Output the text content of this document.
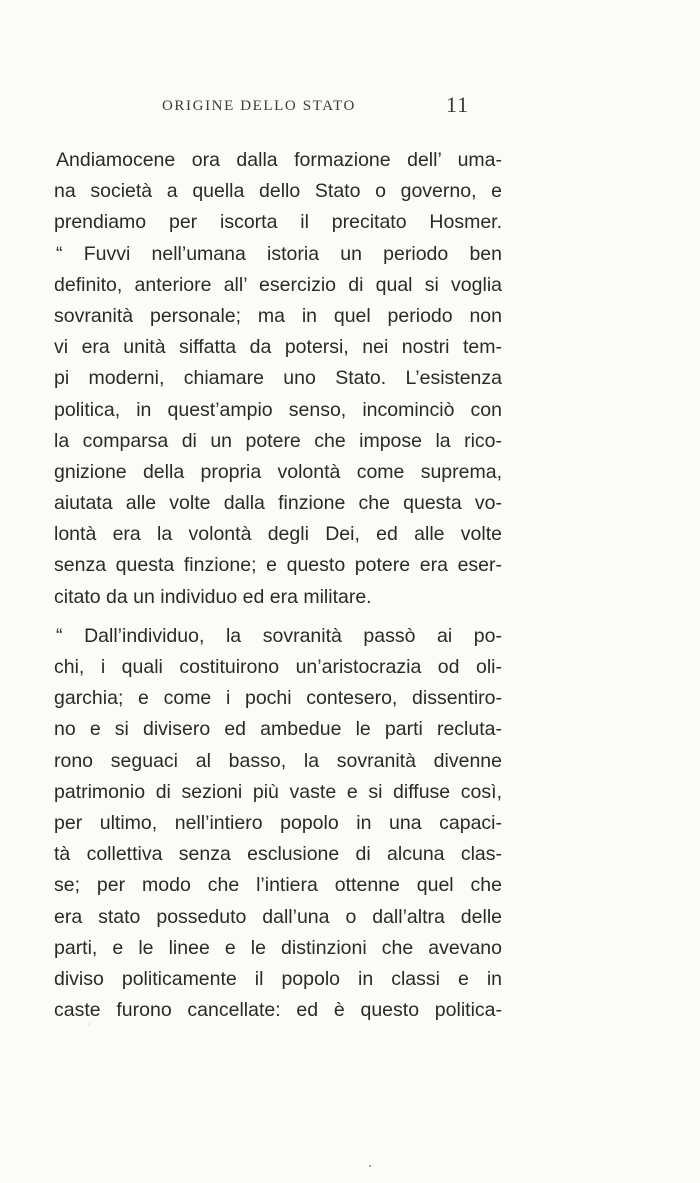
ORIGINE DELLO STATO	11
Andiamocene ora dalla formazione dell’ uma-
na società a quella dello Stato o governo, e
prendiamo per iscorta il precitato Hosmer.
“ Fuvvi nell’umana istoria un periodo ben
definito, anteriore all’ esercizio di qual si voglia
sovranità personale; ma in quel periodo non
vi era unità siffatta da potersi, nei nostri tem-
pi moderni, chiamare uno Stato. L’esistenza
politica, in quest’ampio senso, incominciò con
la comparsa di un potere che impose la rico-
gnizione della propria volontà come suprema,
aiutata alle volte dalla finzione che questa vo-
lontà era la volontà degli Dei, ed alle volte
senza questa finzione; e questo potere era eser-
citato da un individuo ed era militare.
“ Dall’individuo, la sovranità passò ai po-
chi, i quali costituirono un’aristocrazia od oli-
garchia; e come i pochi contesero, dissentiro-
no e si divisero ed ambedue le parti recluta-
rono seguaci al basso, la sovranità divenne
patrimonio di sezioni più vaste e si diffuse così,
per ultimo, nell’intiero popolo in una capaci-
tà collettiva senza esclusione di alcuna clas-
se; per modo che l’intiera ottenne quel che
era stato posseduto dall’una o dall’altra delle
parti, e le linee e le distinzioni che avevano
diviso politicamente il popolo in classi e in
caste furono cancellate: ed è questo politica-
